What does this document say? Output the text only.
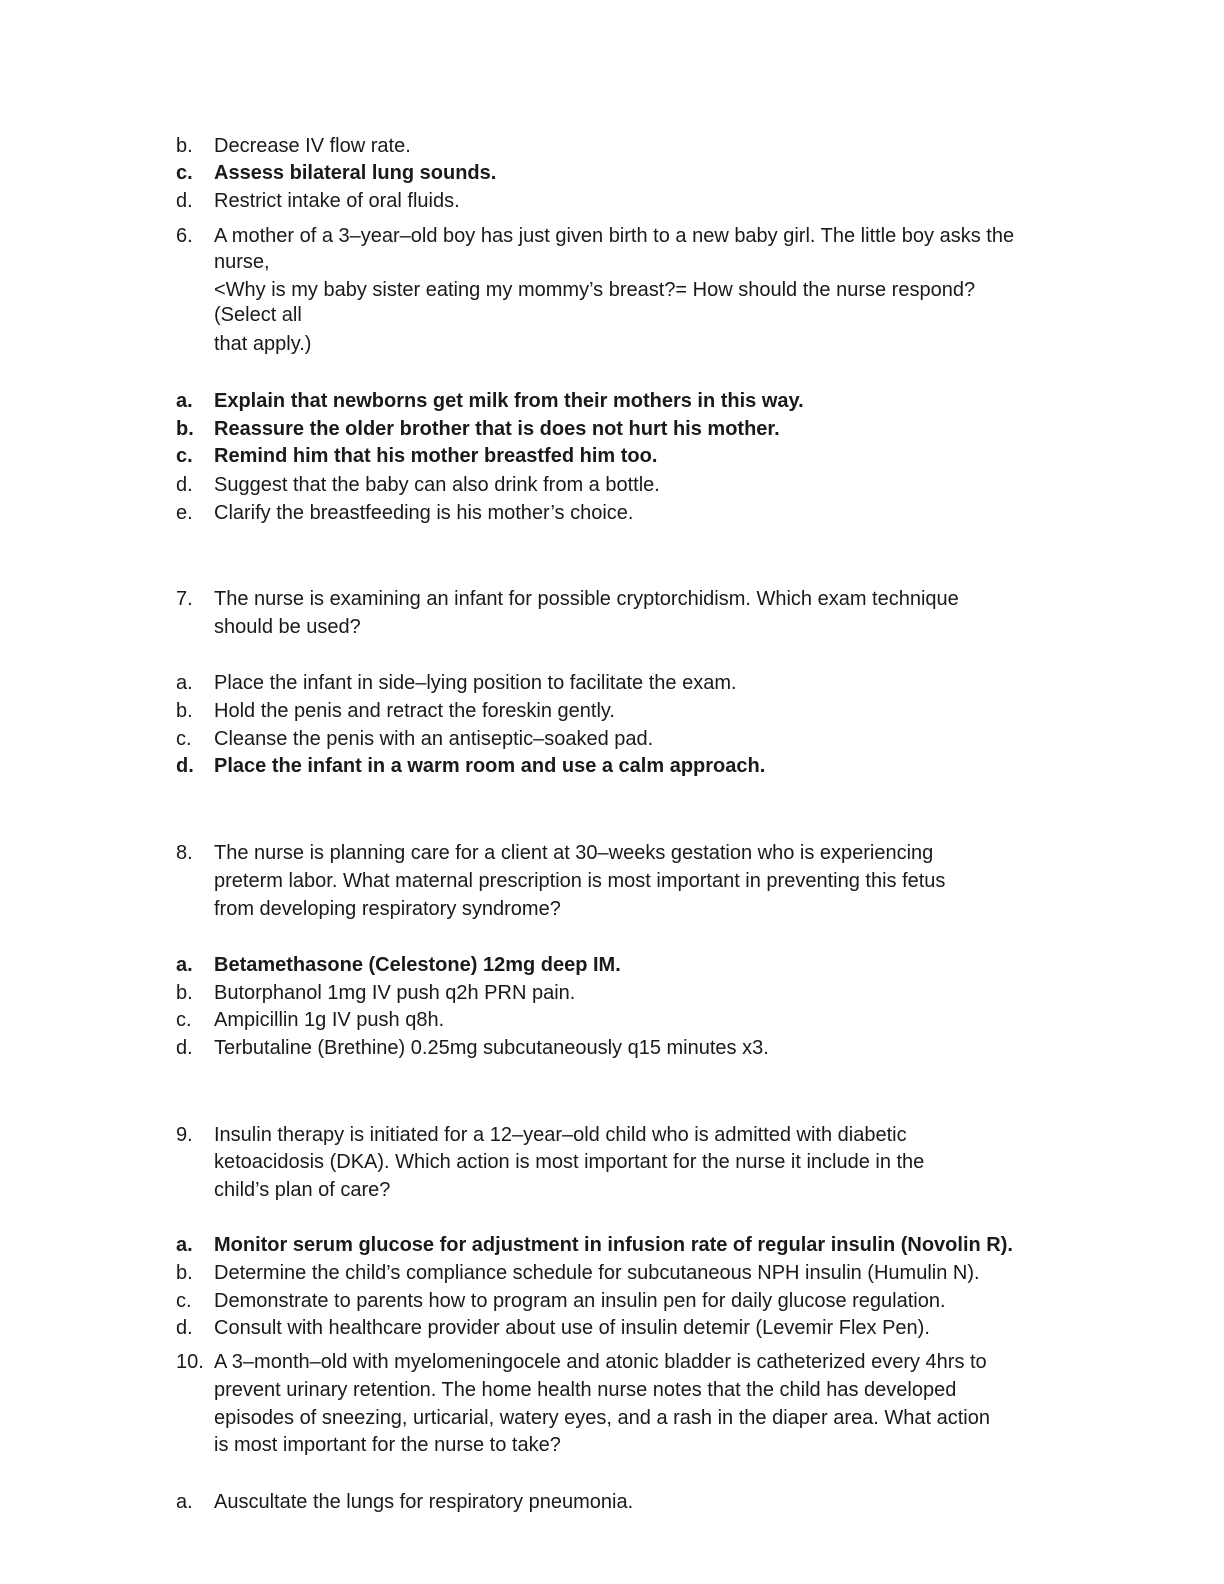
b. Decrease IV flow rate.
c. Assess bilateral lung sounds.
d. Restrict intake of oral fluids.
6. A mother of a 3–year–old boy has just given birth to a new baby girl. The little boy asks the
nurse,
<Why is my baby sister eating my mommy’s breast?= How should the nurse respond?
(Select all
that apply.)
a. Explain that newborns get milk from their mothers in this way.
b. Reassure the older brother that is does not hurt his mother.
c. Remind him that his mother breastfed him too.
d. Suggest that the baby can also drink from a bottle.
e. Clarify the breastfeeding is his mother’s choice.
7. The nurse is examining an infant for possible cryptorchidism. Which exam technique
should be used?
a. Place the infant in side–lying position to facilitate the exam.
b. Hold the penis and retract the foreskin gently.
c. Cleanse the penis with an antiseptic–soaked pad.
d. Place the infant in a warm room and use a calm approach.
8. The nurse is planning care for a client at 30–weeks gestation who is experiencing
preterm labor. What maternal prescription is most important in preventing this fetus
from developing respiratory syndrome?
a. Betamethasone (Celestone) 12mg deep IM.
b. Butorphanol 1mg IV push q2h PRN pain.
c. Ampicillin 1g IV push q8h.
d. Terbutaline (Brethine) 0.25mg subcutaneously q15 minutes x3.
9. Insulin therapy is initiated for a 12–year–old child who is admitted with diabetic
ketoacidosis (DKA). Which action is most important for the nurse it include in the
child’s plan of care?
a. Monitor serum glucose for adjustment in infusion rate of regular insulin (Novolin R).
b. Determine the child’s compliance schedule for subcutaneous NPH insulin (Humulin N).
c. Demonstrate to parents how to program an insulin pen for daily glucose regulation.
d. Consult with healthcare provider about use of insulin detemir (Levemir Flex Pen).
10. A 3–month–old with myelomeningocele and atonic bladder is catheterized every 4hrs to
prevent urinary retention. The home health nurse notes that the child has developed
episodes of sneezing, urticarial, watery eyes, and a rash in the diaper area. What action
is most important for the nurse to take?
a. Auscultate the lungs for respiratory pneumonia.
